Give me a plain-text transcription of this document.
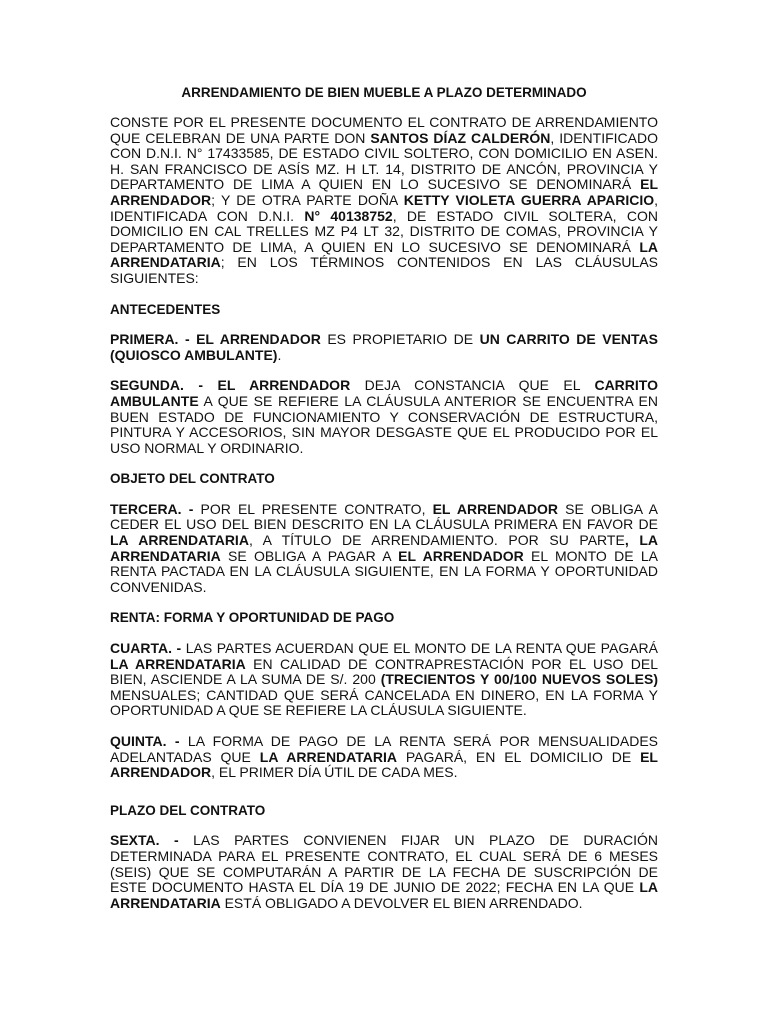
ARRENDAMIENTO DE BIEN MUEBLE A PLAZO DETERMINADO

CONSTE POR EL PRESENTE DOCUMENTO EL CONTRATO DE ARRENDAMIENTO QUE CELEBRAN DE UNA PARTE DON SANTOS DÍAZ CALDERÓN, IDENTIFICADO CON D.N.I. N° 17433585, DE ESTADO CIVIL SOLTERO, CON DOMICILIO EN ASEN. H. SAN FRANCISCO DE ASÍS MZ. H LT. 14, DISTRITO DE ANCÓN, PROVINCIA Y DEPARTAMENTO DE LIMA A QUIEN EN LO SUCESIVO SE DENOMINARÁ EL ARRENDADOR; Y DE OTRA PARTE DOÑA KETTY VIOLETA GUERRA APARICIO, IDENTIFICADA CON D.N.I. N° 40138752, DE ESTADO CIVIL SOLTERA, CON DOMICILIO EN CAL TRELLES MZ P4 LT 32, DISTRITO DE COMAS, PROVINCIA Y DEPARTAMENTO DE LIMA, A QUIEN EN LO SUCESIVO SE DENOMINARÁ LA ARRENDATARIA; EN LOS TÉRMINOS CONTENIDOS EN LAS CLÁUSULAS SIGUIENTES:

ANTECEDENTES

PRIMERA. - EL ARRENDADOR ES PROPIETARIO DE UN CARRITO DE VENTAS (QUIOSCO AMBULANTE).

SEGUNDA. - EL ARRENDADOR DEJA CONSTANCIA QUE EL CARRITO AMBULANTE A QUE SE REFIERE LA CLÁUSULA ANTERIOR SE ENCUENTRA EN BUEN ESTADO DE FUNCIONAMIENTO Y CONSERVACIÓN DE ESTRUCTURA, PINTURA Y ACCESORIOS, SIN MAYOR DESGASTE QUE EL PRODUCIDO POR EL USO NORMAL Y ORDINARIO.

OBJETO DEL CONTRATO

TERCERA. - POR EL PRESENTE CONTRATO, EL ARRENDADOR SE OBLIGA A CEDER EL USO DEL BIEN DESCRITO EN LA CLÁUSULA PRIMERA EN FAVOR DE LA ARRENDATARIA, A TÍTULO DE ARRENDAMIENTO. POR SU PARTE, LA ARRENDATARIA SE OBLIGA A PAGAR A EL ARRENDADOR EL MONTO DE LA RENTA PACTADA EN LA CLÁUSULA SIGUIENTE, EN LA FORMA Y OPORTUNIDAD CONVENIDAS.

RENTA: FORMA Y OPORTUNIDAD DE PAGO

CUARTA. - LAS PARTES ACUERDAN QUE EL MONTO DE LA RENTA QUE PAGARÁ LA ARRENDATARIA EN CALIDAD DE CONTRAPRESTACIÓN POR EL USO DEL BIEN, ASCIENDE A LA SUMA DE S/. 200 (TRECIENTOS Y 00/100 NUEVOS SOLES) MENSUALES; CANTIDAD QUE SERÁ CANCELADA EN DINERO, EN LA FORMA Y OPORTUNIDAD A QUE SE REFIERE LA CLÁUSULA SIGUIENTE.

QUINTA. - LA FORMA DE PAGO DE LA RENTA SERÁ POR MENSUALIDADES ADELANTADAS QUE LA ARRENDATARIA PAGARÁ, EN EL DOMICILIO DE EL ARRENDADOR, EL PRIMER DÍA ÚTIL DE CADA MES.

PLAZO DEL CONTRATO

SEXTA. - LAS PARTES CONVIENEN FIJAR UN PLAZO DE DURACIÓN DETERMINADA PARA EL PRESENTE CONTRATO, EL CUAL SERÁ DE 6 MESES (SEIS) QUE SE COMPUTARÁN A PARTIR DE LA FECHA DE SUSCRIPCIÓN DE ESTE DOCUMENTO HASTA EL DÍA 19 DE JUNIO DE 2022; FECHA EN LA QUE LA ARRENDATARIA ESTÁ OBLIGADO A DEVOLVER EL BIEN ARRENDADO.
